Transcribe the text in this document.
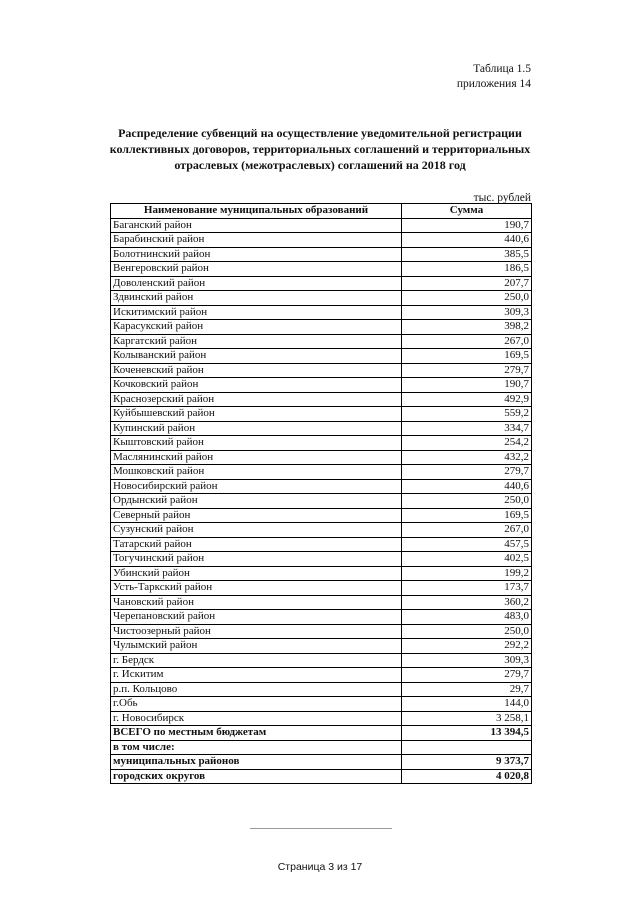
Таблица 1.5
приложения 14
Распределение субвенций на осуществление уведомительной регистрации коллективных договоров, территориальных соглашений и территориальных отраслевых (межотраслевых) соглашений на 2018 год
тыс. рублей
Наименование муниципальных образований	Сумма
Баганский район	190,7
Барабинский район	440,6
Болотнинский район	385,5
Венгеровский район	186,5
Доволенский район	207,7
Здвинский район	250,0
Искитимский район	309,3
Карасукский район	398,2
Каргатский район	267,0
Колыванский район	169,5
Коченевский район	279,7
Кочковский район	190,7
Краснозерский район	492,9
Куйбышевский район	559,2
Купинский район	334,7
Кыштовский район	254,2
Маслянинский район	432,2
Мошковский район	279,7
Новосибирский район	440,6
Ордынский район	250,0
Северный район	169,5
Сузунский район	267,0
Татарский район	457,5
Тогучинский район	402,5
Убинский район	199,2
Усть-Таркский район	173,7
Чановский район	360,2
Черепановский район	483,0
Чистоозерный район	250,0
Чулымский район	292,2
г. Бердск	309,3
г. Искитим	279,7
р.п. Кольцово	29,7
г.Обь	144,0
г. Новосибирск	3 258,1
ВСЕГО по местным бюджетам	13 394,5
в том числе:	
муниципальных районов	9 373,7
городских округов	4 020,8
Страница 3 из 17
